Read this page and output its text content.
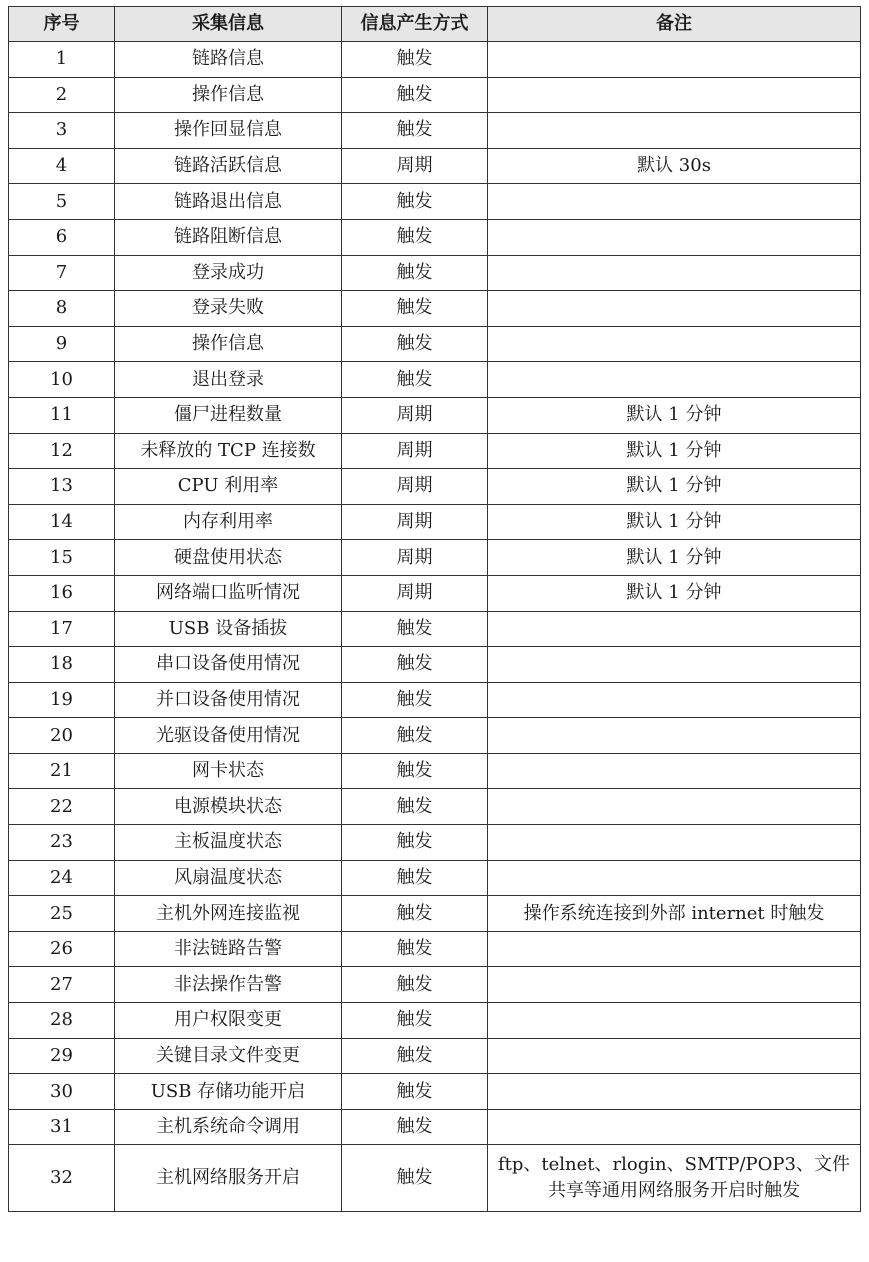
序号	采集信息	信息产生方式	备注
1	链路信息	触发	
2	操作信息	触发	
3	操作回显信息	触发	
4	链路活跃信息	周期	默认 30s
5	链路退出信息	触发	
6	链路阻断信息	触发	
7	登录成功	触发	
8	登录失败	触发	
9	操作信息	触发	
10	退出登录	触发	
11	僵尸进程数量	周期	默认 1 分钟
12	未释放的 TCP 连接数	周期	默认 1 分钟
13	CPU 利用率	周期	默认 1 分钟
14	内存利用率	周期	默认 1 分钟
15	硬盘使用状态	周期	默认 1 分钟
16	网络端口监听情况	周期	默认 1 分钟
17	USB 设备插拔	触发	
18	串口设备使用情况	触发	
19	并口设备使用情况	触发	
20	光驱设备使用情况	触发	
21	网卡状态	触发	
22	电源模块状态	触发	
23	主板温度状态	触发	
24	风扇温度状态	触发	
25	主机外网连接监视	触发	操作系统连接到外部 internet 时触发
26	非法链路告警	触发	
27	非法操作告警	触发	
28	用户权限变更	触发	
29	关键目录文件变更	触发	
30	USB 存储功能开启	触发	
31	主机系统命令调用	触发	
32	主机网络服务开启	触发	ftp、telnet、rlogin、SMTP/POP3、文件
共享等通用网络服务开启时触发
